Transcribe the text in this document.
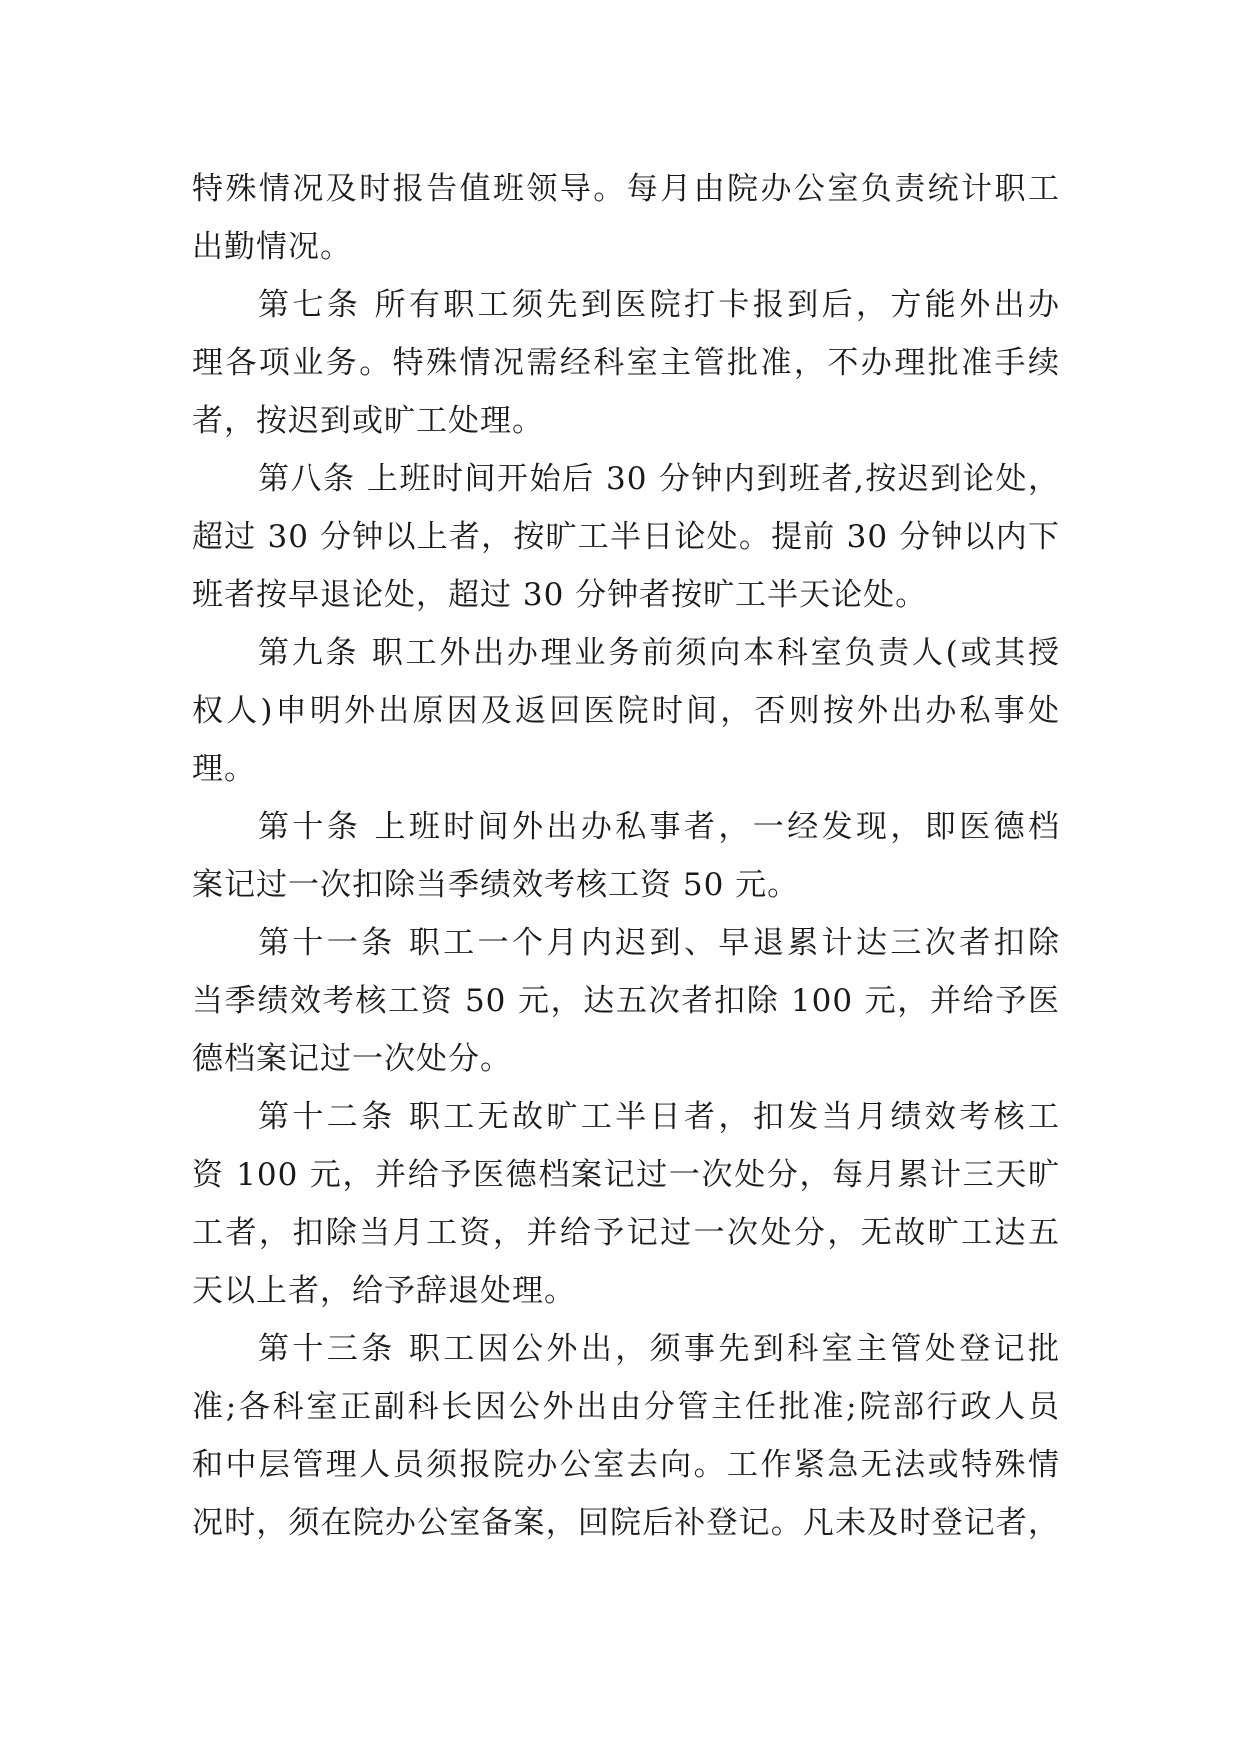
特殊情况及时报告值班领导。每月由院办公室负责统计职工
出勤情况。
第七条 所有职工须先到医院打卡报到后，方能外出办
理各项业务。特殊情况需经科室主管批准，不办理批准手续
者，按迟到或旷工处理。
第八条 上班时间开始后 30 分钟内到班者,按迟到论处，
超过 30 分钟以上者，按旷工半日论处。提前 30 分钟以内下
班者按早退论处，超过 30 分钟者按旷工半天论处。
第九条 职工外出办理业务前须向本科室负责人(或其授
权人)申明外出原因及返回医院时间，否则按外出办私事处
理。
第十条 上班时间外出办私事者，一经发现，即医德档
案记过一次扣除当季绩效考核工资 50 元。
第十一条 职工一个月内迟到、早退累计达三次者扣除
当季绩效考核工资 50 元，达五次者扣除 100 元，并给予医
德档案记过一次处分。
第十二条 职工无故旷工半日者，扣发当月绩效考核工
资 100 元，并给予医德档案记过一次处分，每月累计三天旷
工者，扣除当月工资，并给予记过一次处分，无故旷工达五
天以上者，给予辞退处理。
第十三条 职工因公外出，须事先到科室主管处登记批
准;各科室正副科长因公外出由分管主任批准;院部行政人员
和中层管理人员须报院办公室去向。工作紧急无法或特殊情
况时，须在院办公室备案，回院后补登记。凡未及时登记者，
